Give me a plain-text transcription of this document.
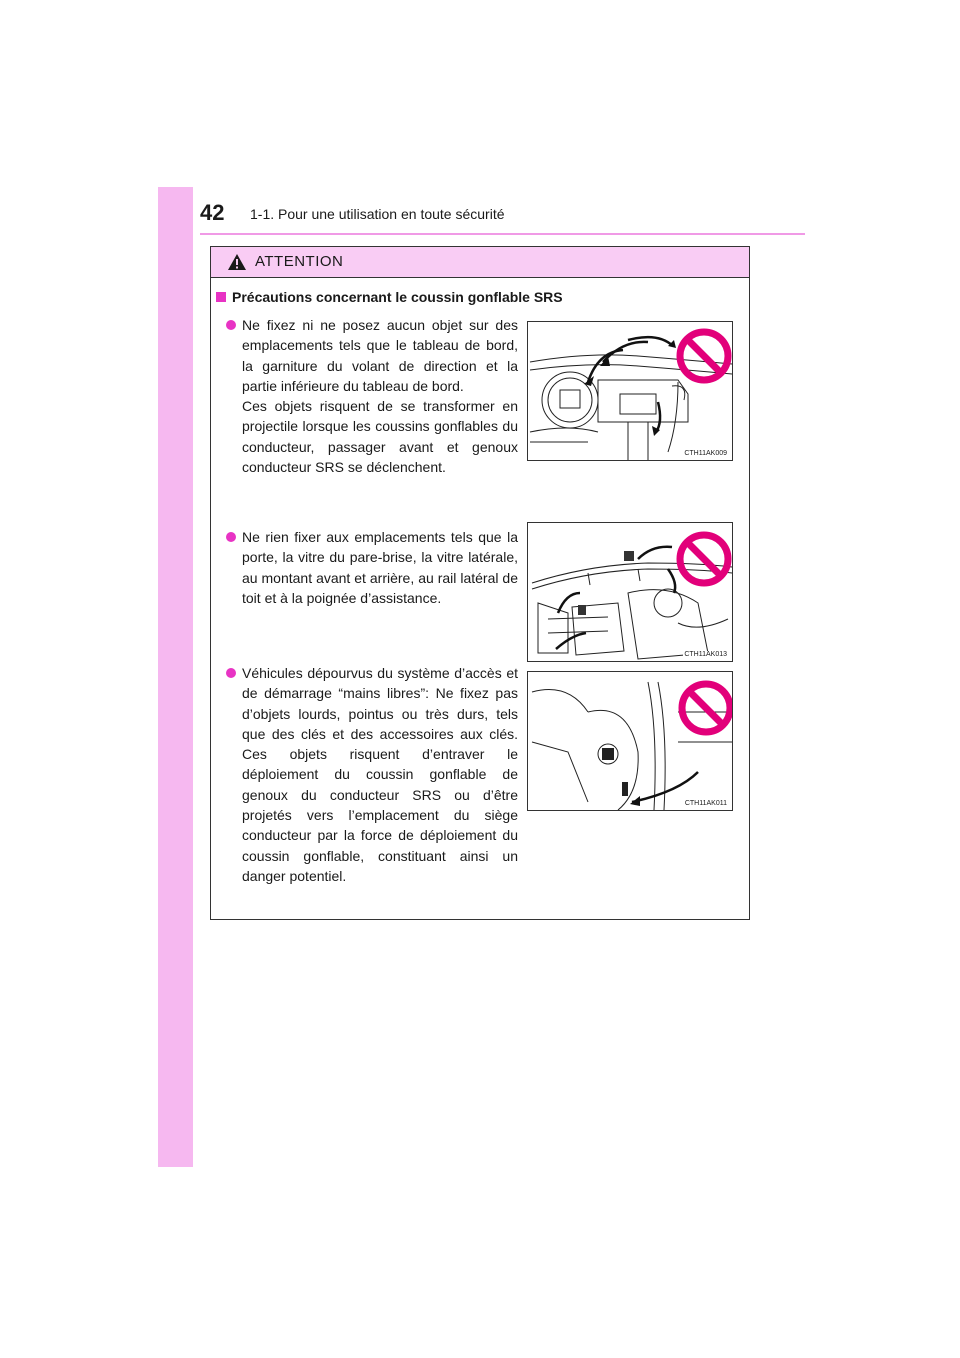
42 1-1. Pour une utilisation en toute sécurité
ATTENTION
Précautions concernant le coussin gonflable SRS

Ne fixez ni ne posez aucun objet sur des emplacements tels que le tableau de bord, la garniture du volant de direction et la partie inférieure du tableau de bord.

Ces objets risquent de se transformer en projectile lorsque les coussins gonflables du conducteur, passager avant et genoux conducteur SRS se déclenchent.

CTH11AK009

Ne rien fixer aux emplacements tels que la porte, la vitre du pare-brise, la vitre latérale, au montant avant et arrière, au rail latéral de toit et à la poignée d’assistance.

CTH11AK013

Véhicules dépourvus du système d’accès et de démarrage “mains libres”: Ne fixez pas d’objets lourds, pointus ou très durs, tels que des clés et des accessoires aux clés. Ces objets risquent d’entraver le déploiement du coussin gonflable de genoux du conducteur SRS ou d’être projetés vers l’emplacement du siège conducteur par la force de déploiement du coussin gonflable, constituant ainsi un danger potentiel.

CTH11AK011
